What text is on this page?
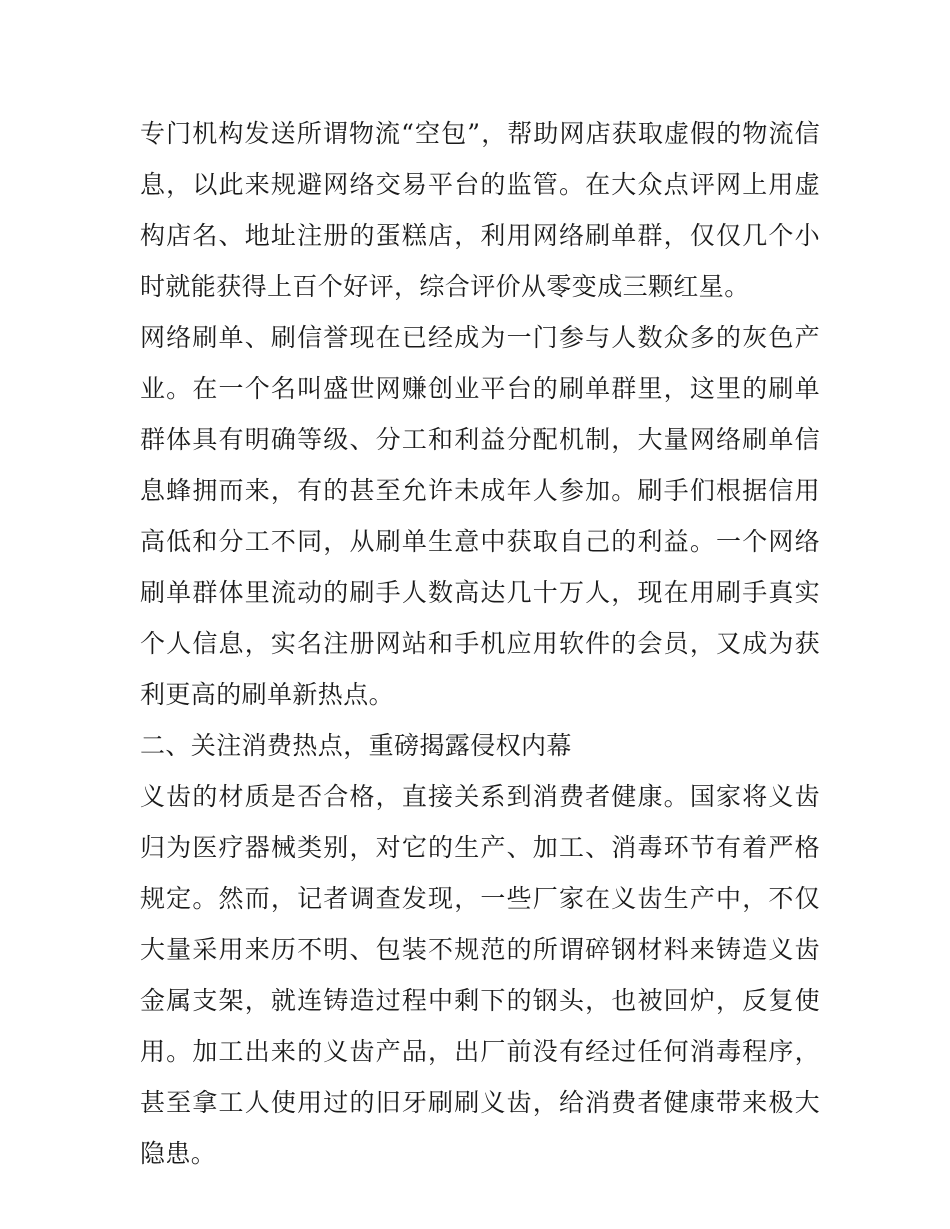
专门机构发送所谓物流“空包”，帮助网店获取虚假的物流信息，以此来规避网络交易平台的监管。在大众点评网上用虚构店名、地址注册的蛋糕店，利用网络刷单群，仅仅几个小时就能获得上百个好评，综合评价从零变成三颗红星。

网络刷单、刷信誉现在已经成为一门参与人数众多的灰色产业。在一个名叫盛世网赚创业平台的刷单群里，这里的刷单群体具有明确等级、分工和利益分配机制，大量网络刷单信息蜂拥而来，有的甚至允许未成年人参加。刷手们根据信用高低和分工不同，从刷单生意中获取自己的利益。一个网络刷单群体里流动的刷手人数高达几十万人，现在用刷手真实个人信息，实名注册网站和手机应用软件的会员，又成为获利更高的刷单新热点。

二、关注消费热点，重磅揭露侵权内幕

义齿的材质是否合格，直接关系到消费者健康。国家将义齿归为医疗器械类别，对它的生产、加工、消毒环节有着严格规定。然而，记者调查发现，一些厂家在义齿生产中，不仅大量采用来历不明、包装不规范的所谓碎钢材料来铸造义齿金属支架，就连铸造过程中剩下的钢头，也被回炉，反复使用。加工出来的义齿产品，出厂前没有经过任何消毒程序，甚至拿工人使用过的旧牙刷刷义齿，给消费者健康带来极大隐患。
